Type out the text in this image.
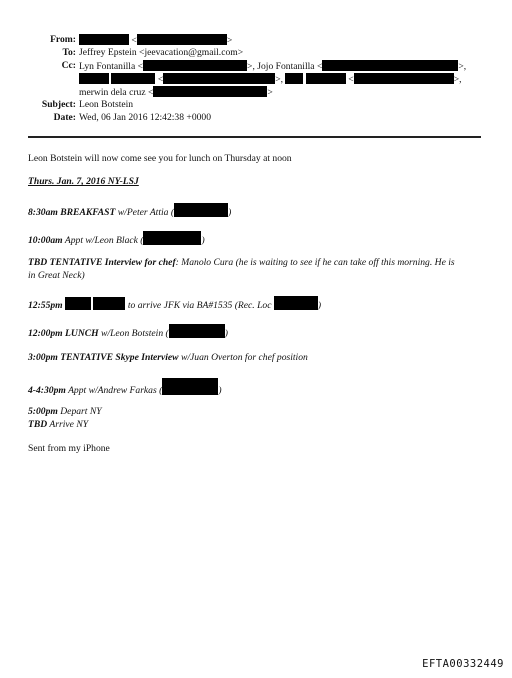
From:	<	>
To: Jeffrey Epstein <jeevacation@gmail.com>
Cc: Lyn Fontanilla <	>, Jojo Fontanilla <	>,
<	>,	<	>,
merwin dela cruz <	>
Subject: Leon Botstein
Date: Wed, 06 Jan 2016 12:42:38 +0000
Leon Botstein will now come see you for lunch on Thursday at noon
Thurs. Jan. 7, 2016 NY-LSJ
8:30am BREAKFAST w/Peter Attia (	)
10:00am Appt w/Leon Black (	)
TBD TENTATIVE Interview for chef: Manolo Cura (he is waiting to see if he can take off this morning. He is
in Great Neck)
12:55pm	to arrive JFK via BA#1535 (Rec. Loc	)
12:00pm LUNCH w/Leon Botstein (	)
3:00pm TENTATIVE Skype Interview w/Juan Overton for chef position
4-4:30pm Appt w/Andrew Farkas (	)
5:00pm Depart NY
TBD Arrive NY
Sent from my iPhone
EFTA00332449
